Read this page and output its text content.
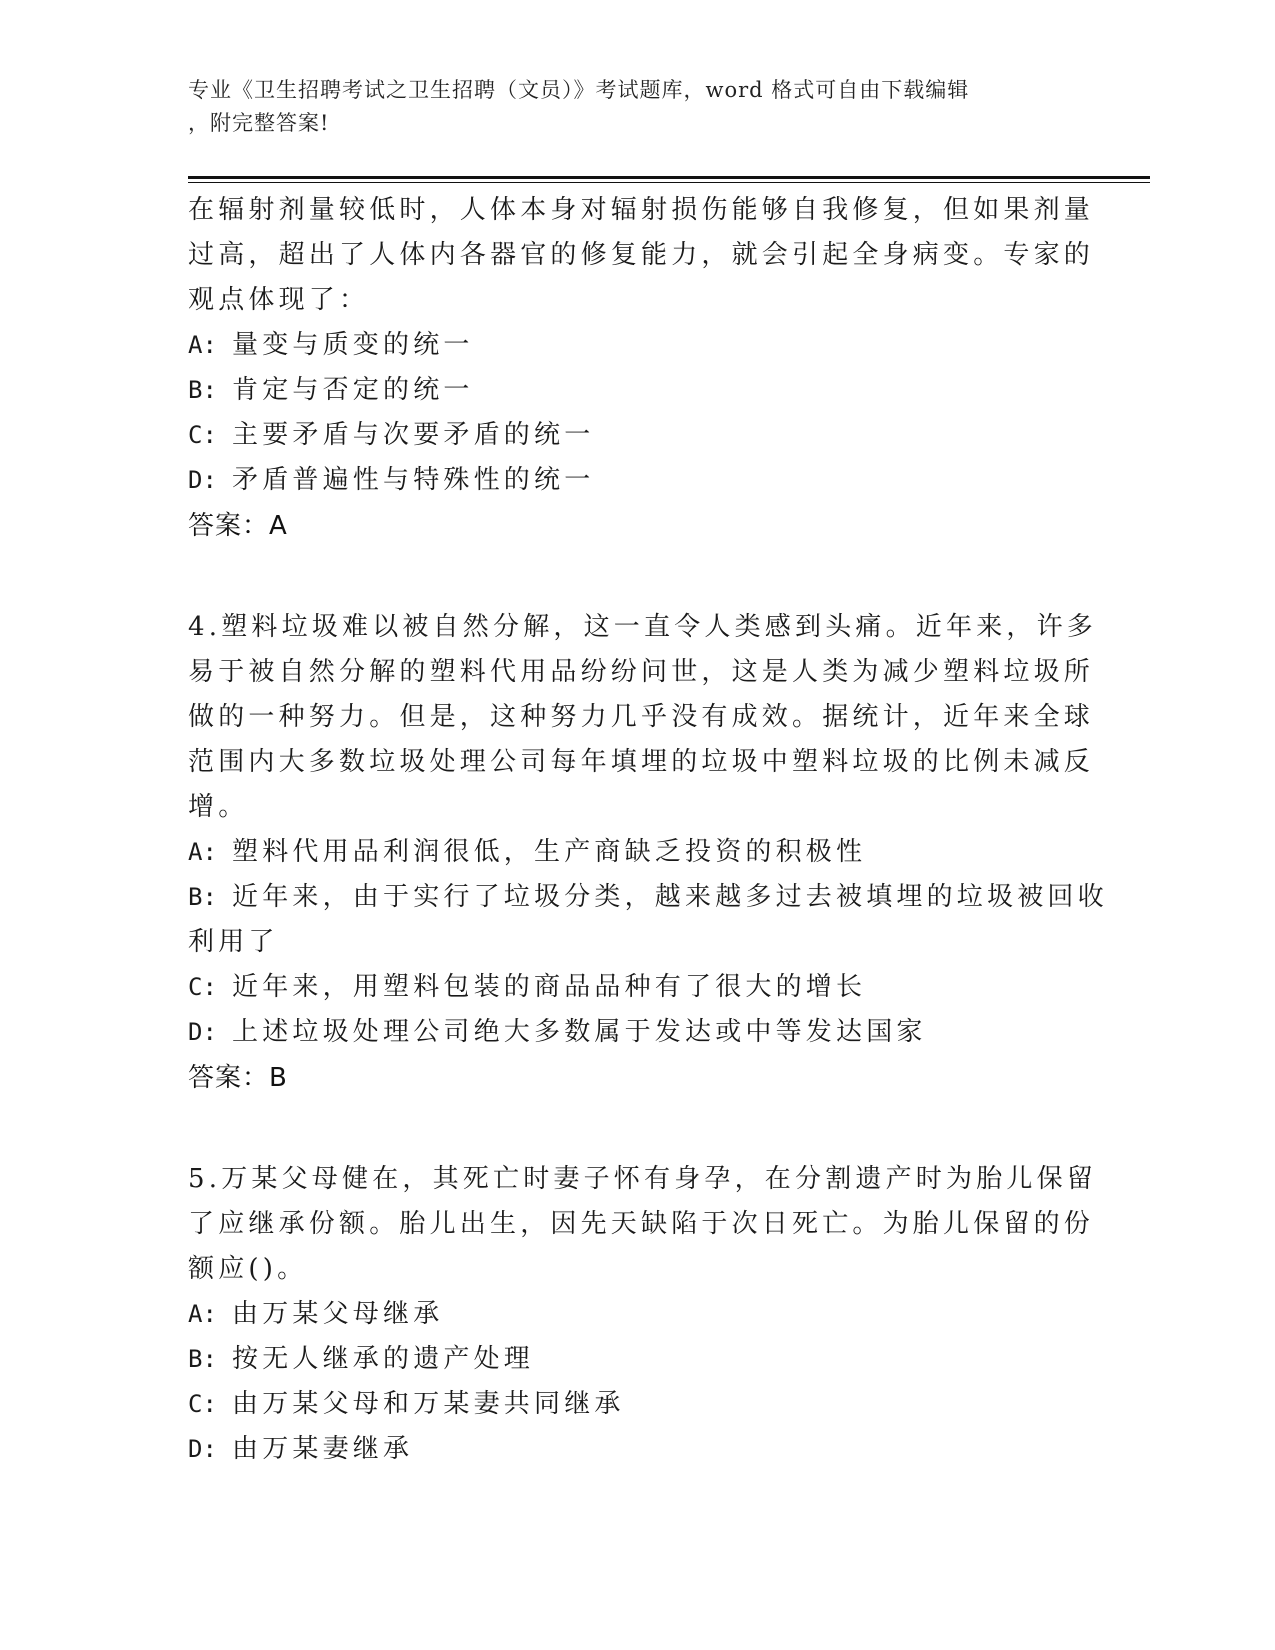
专业《卫生招聘考试之卫生招聘（文员）》考试题库，word 格式可自由下载编辑
，附完整答案!
在辐射剂量较低时，人体本身对辐射损伤能够自我修复，但如果剂量
过高，超出了人体内各器官的修复能力，就会引起全身病变。专家的
观点体现了：
A: 量变与质变的统一
B: 肯定与否定的统一
C: 主要矛盾与次要矛盾的统一
D: 矛盾普遍性与特殊性的统一
答案：A
4.塑料垃圾难以被自然分解，这一直令人类感到头痛。近年来，许多
易于被自然分解的塑料代用品纷纷问世，这是人类为减少塑料垃圾所
做的一种努力。但是，这种努力几乎没有成效。据统计，近年来全球
范围内大多数垃圾处理公司每年填埋的垃圾中塑料垃圾的比例未减反
增。
A: 塑料代用品利润很低，生产商缺乏投资的积极性
B: 近年来，由于实行了垃圾分类，越来越多过去被填埋的垃圾被回收
利用了
C: 近年来，用塑料包装的商品品种有了很大的增长
D: 上述垃圾处理公司绝大多数属于发达或中等发达国家
答案：B
5.万某父母健在，其死亡时妻子怀有身孕，在分割遗产时为胎儿保留
了应继承份额。胎儿出生，因先天缺陷于次日死亡。为胎儿保留的份
额应()。
A: 由万某父母继承
B: 按无人继承的遗产处理
C: 由万某父母和万某妻共同继承
D: 由万某妻继承
